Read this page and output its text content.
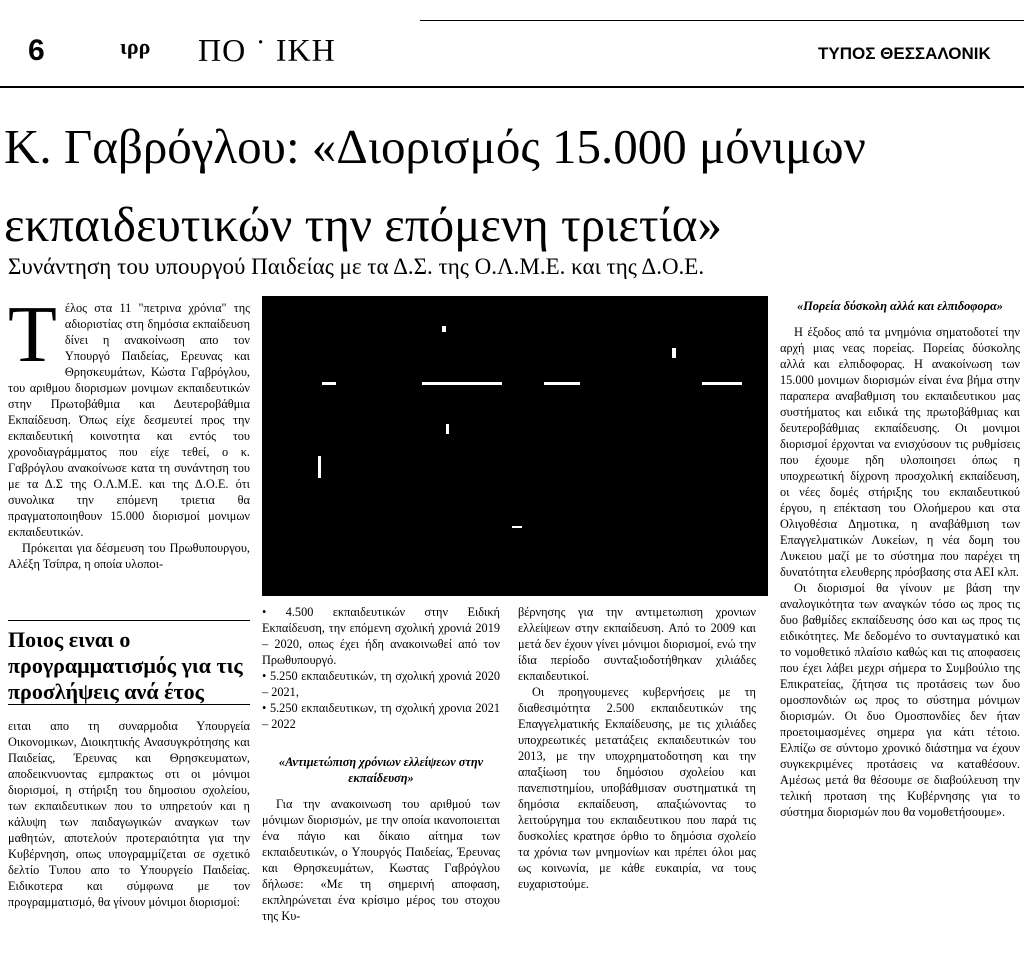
6	ιρρ ΠΟ ˙ ΙΚΗ	ΤΥΠΟΣ ΘΕΣΣΑΛΟΝΙΚ
Κ. Γαβρόγλου: «Διορισμός 15.000 μόνιμων εκπαιδευτικών την επόμενη τριετία»
Συνάντηση του υπουργού Παιδείας με τα Δ.Σ. της Ο.Λ.Μ.Ε. και της Δ.Ο.Ε.
Τ έλος στα 11 "πετρινα χρόνια" της αδιοριστίας στη δημόσια εκπαίδευση δίνει η ανακοίνωση απο τον Υπουργό Παιδείας, Ερευνας και Θρησκευμάτων, Κώστα Γαβρόγλου, του αριθμου διορισμων μονιμων εκπαιδευτικών στην Πρωτοβάθμια και Δευτεροβάθμια Εκπαίδευση. Όπως είχε δεσμευτεί προς την εκπαιδευτική κοινοτητα και εντός του χρονοδιαγράμματος που είχε τεθεί, ο κ. Γαβρόγλου ανακοίνωσε κατα τη συνάντηση του με τα Δ.Σ της Ο.Λ.Μ.Ε. και της Δ.Ο.Ε. ότι συνολικα την επόμενη τριετια θα πραγματοποιηθουν 15.000 διορισμοί μονιμων εκπαιδευτικών.

Πρόκειται για δέσμευση του Πρωθυπουργου, Αλέξη Τσίπρα, η οποία υλοποι-

Ποιος ειναι ο προγραμματισμός για τις προσλήψεις ανά έτος

ειται απο τη συναρμοδια Υπουργεία Οικονομικων, Διοικητικής Ανασυγκρότησης και Παιδείας, Έρευνας και Θρησκευματων, αποδεικνυοντας εμπρακτως οτι οι μόνιμοι διορισμοί, η στήριξη του δημοσιου σχολείου, των εκπαιδευτικων που το υπηρετούν και η κάλυψη των παιδαγωγικών αναγκων των μαθητών, αποτελούν προτεραιότητα για την Κυβέρνηση, οπως υπογραμμίζεται σε σχετικό δελτίο Τυπου απο το Υπουργείο Παιδείας. Ειδικοτερα και σύμφωνα με τον προγραμματισμό, θα γίνουν μόνιμοι διορισμοί:

• 4.500 εκπαιδευτικών στην Ειδική Εκπαίδευση, την επόμενη σχολική χρονιά 2019 – 2020, οπως έχει ήδη ανακοινωθεί από τον Πρωθυπουργό.

• 5.250 εκπαιδευτικών, τη σχολική χρονιά 2020 – 2021,

• 5.250 εκπαιδευτικων, τη σχολική χρονια 2021 – 2022

«Αντιμετώπιση χρόνιων ελλείψεων στην εκπαίδευση»

Για την ανακοινωση του αριθμού των μόνιμων διορισμών, με την οποία ικανοποιειται ένα πάγιο και δίκαιο αίτημα των εκπαιδευτικών, ο Υπουργός Παιδείας, Έρευνας και Θρησκευμάτων, Κωστας Γαβρόγλου δήλωσε: «Με τη σημερινή αποφαση, εκπληρώνεται ένα κρίσιμο μέρος του στοχου της Κυ-

βέρνησης για την αντιμετωπιση χρονιων ελλείψεων στην εκπαίδευση. Από το 2009 και μετά δεν έχουν γίνει μόνιμοι διορισμοί, ενώ την ίδια περίοδο συνταξιοδοτήθηκαν χιλιάδες εκπαιδευτικοί.

Οι προηγουμενες κυβερνήσεις με τη διαθεσιμότητα 2.500 εκπαιδευτικών της Επαγγελματικής Εκπαίδευσης, με τις χιλιάδες υποχρεωτικές μετατάξεις εκπαιδευτικών του 2013, με την υποχρηματοδοτηση και την απαξίωση του δημόσιου σχολείου και πανεπιστημίου, υποβάθμισαν συστηματικά τη δημόσια εκπαίδευση, απαξιώνοντας το λειτούργημα του εκπαιδευτικου που παρά τις δυσκολίες κρατησε όρθιο το δημόσια σχολείο τα χρόνια των μνημονίων και πρέπει όλοι μας ως κοινωνία, με κάθε ευκαιρία, να τους ευχαριστούμε.

«Πορεία δύσκολη αλλά και ελπιδοφορα»

Η έξοδος από τα μνημόνια σηματοδοτεί την αρχή μιας νεας πορείας. Πορείας δύσκολης αλλά και ελπιδοφορας. Η ανακοίνωση των 15.000 μονιμων διορισμών είναι ένα βήμα στην παραπερα αναβαθμιση του εκπαιδευτικου μας συστήματος και ειδικά της πρωτοβάθμιας και δευτεροβάθμιας εκπαίδευσης. Οι μονιμοι διορισμοί έρχονται να ενισχύσουν τις ρυθμίσεις που έχουμε ηδη υλοποιησει όπως η υποχρεωτική δίχρονη προσχολική εκπαίδευση, οι νέες δομές στήριξης του εκπαιδευτικού έργου, η επέκταση του Ολοήμερου και στα Ολιγοθέσια Δημοτικα, η αναβάθμιση των Επαγγελματικών Λυκείων, η νέα δομη του Λυκειου μαζί με το σύστημα που παρέχει τη δυνατότητα ελευθερης πρόσβασης στα ΑΕΙ κλπ.

Οι διορισμοί θα γίνουν με βάση την αναλογικότητα των αναγκών τόσο ως προς τις δυο βαθμίδες εκπαίδευσης όσο και ως προς τις ειδικότητες. Με δεδομένο το συνταγματικό και το νομοθετικό πλαίσιο καθώς και τις αποφασεις που έχει λάβει μεχρι σήμερα το Συμβούλιο της Επικρατείας, ζήτησα τις προτάσεις των δυο ομοσπονδιών ως προς το σύστημα μόνιμων διορισμών. Οι δυο Ομοσπονδίες δεν ήταν προετοιμασμένες σημερα για κάτι τέτοιο. Ελπίζω σε σύντομο χρονικό διάστημα να έχουν συγκεκριμένες προτάσεις να καταθέσουν. Αμέσως μετά θα θέσουμε σε διαβούλευση την τελική προταση της Κυβέρνησης για το σύστημα διορισμών που θα νομοθετήσουμε».
